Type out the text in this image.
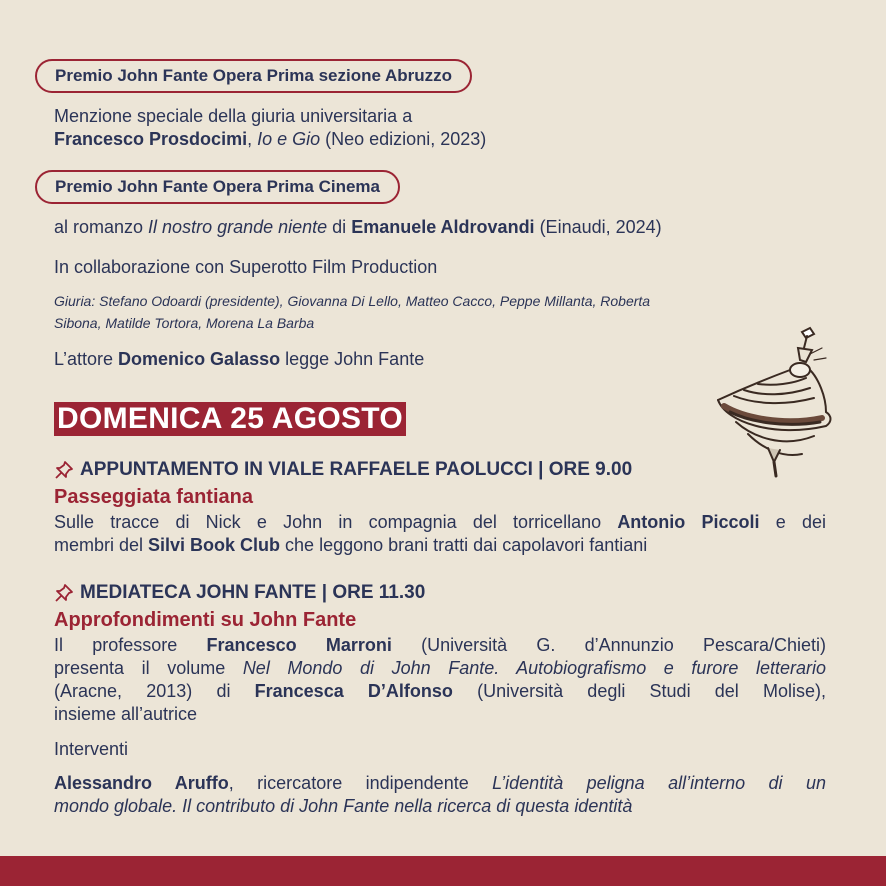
Premio John Fante Opera Prima sezione Abruzzo
Menzione speciale della giuria universitaria a
Francesco Prosdocimi, Io e Gio (Neo edizioni, 2023)
Premio John Fante Opera Prima Cinema
al romanzo Il nostro grande niente di Emanuele Aldrovandi (Einaudi, 2024)
In collaborazione con Superotto Film Production
Giuria: Stefano Odoardi (presidente), Giovanna Di Lello, Matteo Cacco, Peppe Millanta, Roberta
Sibona, Matilde Tortora, Morena La Barba
L’attore Domenico Galasso legge John Fante
DOMENICA 25 AGOSTO
APPUNTAMENTO IN VIALE RAFFAELE PAOLUCCI | ORE 9.00
Passeggiata fantiana
Sulle tracce di Nick e John in compagnia del torricellano Antonio Piccoli e dei
membri del Silvi Book Club che leggono brani tratti dai capolavori fantiani
MEDIATECA JOHN FANTE | ORE 11.30
Approfondimenti su John Fante
Il professore Francesco Marroni (Università G. d’Annunzio Pescara/Chieti)
presenta il volume Nel Mondo di John Fante. Autobiografismo e furore letterario
(Aracne, 2013) di Francesca D’Alfonso (Università degli Studi del Molise),
insieme all’autrice
Interventi
Alessandro Aruffo, ricercatore indipendente L’identità peligna all’interno di un
mondo globale. Il contributo di John Fante nella ricerca di questa identità
